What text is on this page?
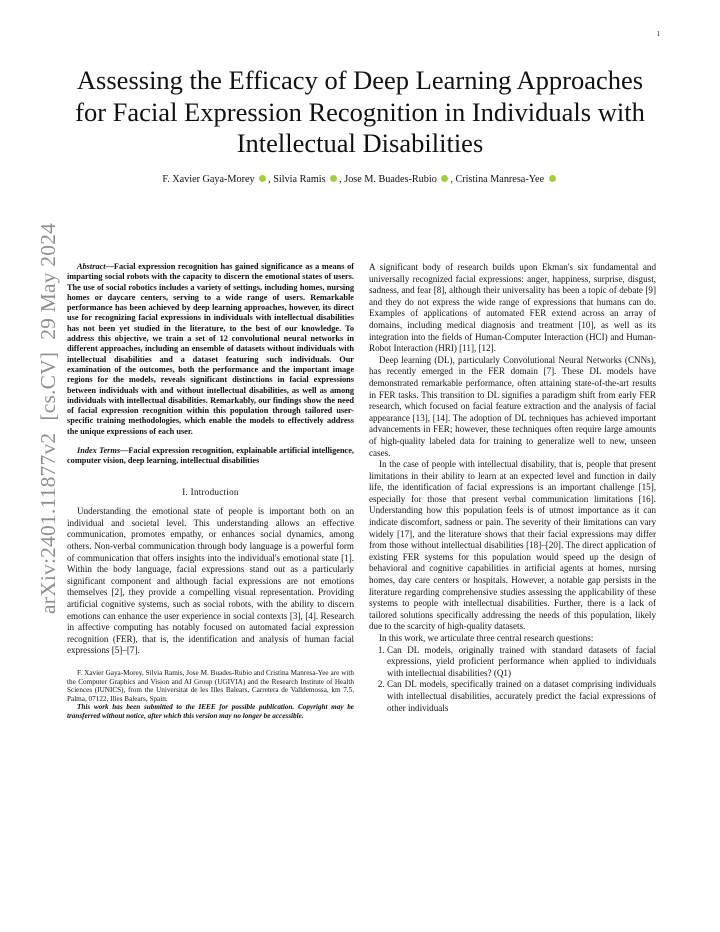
1
arXiv:2401.11877v2[cs.CV]29 May 2024
Assessing the Efficacy of Deep Learning Approaches for Facial Expression Recognition in Individuals with Intellectual Disabilities
F. Xavier Gaya-Morey , Silvia Ramis , Jose M. Buades-Rubio , Cristina Manresa-Yee

Abstract—Facial expression recognition has gained significance as a means of imparting social robots with the capacity to discern the emotional states of users. The use of social robotics includes a variety of settings, including homes, nursing homes or daycare centers, serving to a wide range of users. Remarkable performance has been achieved by deep learning approaches, however, its direct use for recognizing facial expressions in individuals with intellectual disabilities has not been yet studied in the literature, to the best of our knowledge. To address this objective, we train a set of 12 convolutional neural networks in different approaches, including an ensemble of datasets without individuals with intellectual disabilities and a dataset featuring such individuals. Our examination of the outcomes, both the performance and the important image regions for the models, reveals significant distinctions in facial expressions between individuals with and without intellectual disabilities, as well as among individuals with intellectual disabilities. Remarkably, our findings show the need of facial expression recognition within this population through tailored user-specific training methodologies, which enable the models to effectively address the unique expressions of each user.

Index Terms—Facial expression recognition, explainable artificial intelligence, computer vision, deep learning, intellectual disabilities

I. Introduction

Understanding the emotional state of people is important both on an individual and societal level. This understanding allows an effective communication, promotes empathy, or enhances social dynamics, among others. Non-verbal communication through body language is a powerful form of communication that offers insights into the individual's emotional state [1]. Within the body language, facial expressions stand out as a particularly significant component and although facial expressions are not emotions themselves [2], they provide a compelling visual representation. Providing artificial cognitive systems, such as social robots, with the ability to discern emotions can enhance the user experience in social contexts [3], [4]. Research in affective computing has notably focused on automated facial expression recognition (FER), that is, the identification and analysis of human facial expressions [5]–[7].

F. Xavier Gaya-Morey, Silvia Ramis, Jose M. Buades-Rubio and Cristina Manresa-Yee are with the Computer Graphics and Vision and AI Group (UGIVIA) and the Research Institute of Health Sciences (IUNICS), from the Universitat de les Illes Balears, Carretera de Valldemossa, km 7.5, Palma, 07122, Illes Balears, Spain.

This work has been submitted to the IEEE for possible publication. Copyright may be transferred without notice, after which this version may no longer be accessible.

A significant body of research builds upon Ekman's six fundamental and universally recognized facial expressions: anger, happiness, surprise, disgust, sadness, and fear [8], although their universality has been a topic of debate [9] and they do not express the wide range of expressions that humans can do. Examples of applications of automated FER extend across an array of domains, including medical diagnosis and treatment [10], as well as its integration into the fields of Human-Computer Interaction (HCI) and Human-Robot Interaction (HRI) [11], [12].

Deep learning (DL), particularly Convolutional Neural Networks (CNNs), has recently emerged in the FER domain [7]. These DL models have demonstrated remarkable performance, often attaining state-of-the-art results in FER tasks. This transition to DL signifies a paradigm shift from early FER research, which focused on facial feature extraction and the analysis of facial appearance [13], [14]. The adoption of DL techniques has achieved important advancements in FER; however, these techniques often require large amounts of high-quality labeled data for training to generalize well to new, unseen cases.

In the case of people with intellectual disability, that is, people that present limitations in their ability to learn at an expected level and function in daily life, the identification of facial expressions is an important challenge [15], especially for those that present verbal communication limitations [16]. Understanding how this population feels is of utmost importance as it can indicate discomfort, sadness or pain. The severity of their limitations can vary widely [17], and the literature shows that their facial expressions may differ from those without intellectual disabilities [18]–[20]. The direct application of existing FER systems for this population would speed up the design of behavioral and cognitive capabilities in artificial agents at homes, nursing homes, day care centers or hospitals. However, a notable gap persists in the literature regarding comprehensive studies assessing the applicability of these systems to people with intellectual disabilities. Further, there is a lack of tailored solutions specifically addressing the needs of this population, likely due to the scarcity of high-quality datasets.

In this work, we articulate three central research questions:

1. Can DL models, originally trained with standard datasets of facial expressions, yield proficient performance when applied to individuals with intellectual disabilities? (Q1)
2. Can DL models, specifically trained on a dataset comprising individuals with intellectual disabilities, accurately predict the facial expressions of other individuals
